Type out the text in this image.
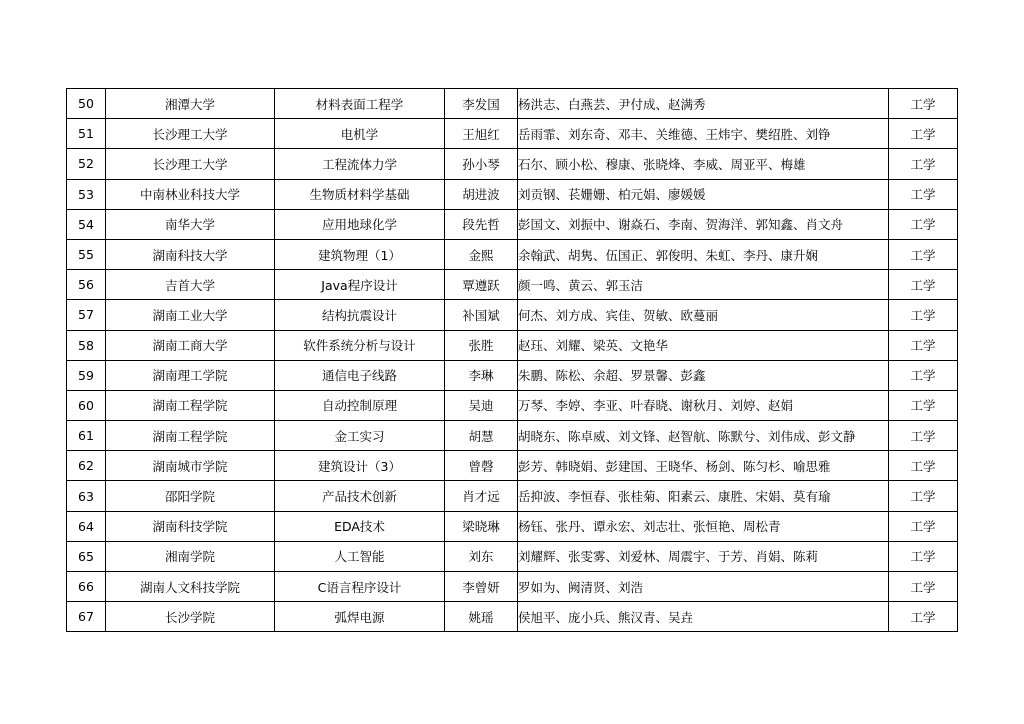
50	湘潭大学	材料表面工程学	李发国	杨洪志、白燕芸、尹付成、赵满秀	工学
51	长沙理工大学	电机学	王旭红	岳雨霏、刘东奇、邓丰、关维德、王炜宇、樊绍胜、刘铮	工学
52	长沙理工大学	工程流体力学	孙小琴	石尔、顾小松、穆康、张晓烽、李威、周亚平、梅雄	工学
53	中南林业科技大学	生物质材料学基础	胡进波	刘贡钢、苌姗姗、柏元娟、廖媛媛	工学
54	南华大学	应用地球化学	段先哲	彭国文、刘振中、谢焱石、李南、贺海洋、郭知鑫、肖文舟	工学
55	湖南科技大学	建筑物理（1）	金熙	余翰武、胡隽、伍国正、郭俊明、朱虹、李丹、康升娴	工学
56	吉首大学	Java程序设计	覃遵跃	颜一鸣、黄云、郭玉洁	工学
57	湖南工业大学	结构抗震设计	补国斌	何杰、刘方成、宾佳、贺敏、欧蔓丽	工学
58	湖南工商大学	软件系统分析与设计	张胜	赵珏、刘耀、梁英、文艳华	工学
59	湖南理工学院	通信电子线路	李琳	朱鹏、陈松、余超、罗景馨、彭鑫	工学
60	湖南工程学院	自动控制原理	吴迪	万琴、李婷、李亚、叶春晓、谢秋月、刘婷、赵娟	工学
61	湖南工程学院	金工实习	胡慧	胡晓东、陈卓威、刘文锋、赵智航、陈默兮、刘伟成、彭文静	工学
62	湖南城市学院	建筑设计（3）	曾磬	彭芳、韩晓娟、彭建国、王晓华、杨剑、陈匀杉、喻思雅	工学
63	邵阳学院	产品技术创新	肖才远	岳抑波、李恒春、张桂菊、阳素云、康胜、宋娟、莫有瑜	工学
64	湖南科技学院	EDA技术	梁晓琳	杨钰、张丹、谭永宏、刘志壮、张恒艳、周松青	工学
65	湘南学院	人工智能	刘东	刘耀辉、张雯雾、刘爱林、周震宇、于芳、肖娟、陈莉	工学
66	湖南人文科技学院	C语言程序设计	李曾妍	罗如为、阙清贤、刘浩	工学
67	长沙学院	弧焊电源	姚瑶	侯旭平、庞小兵、熊汉青、吴垚	工学
